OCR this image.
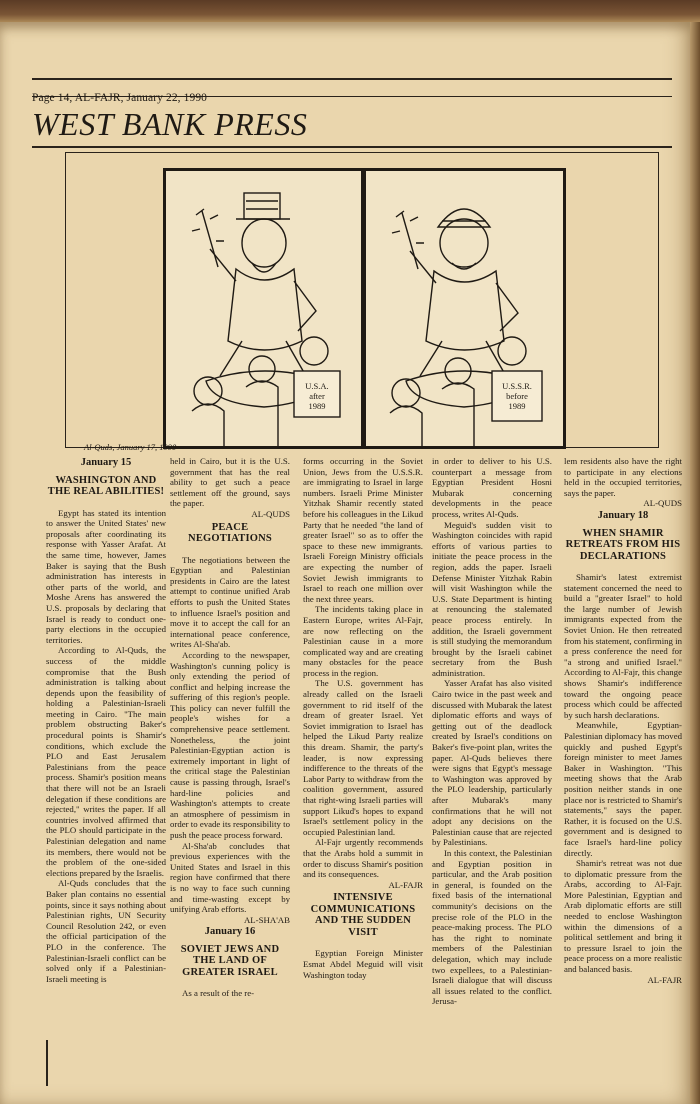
Page 14, AL-FAJR, January 22, 1990
WEST BANK PRESS
U.S.A.
after
1989
U.S.S.R.
before
1989
Al-Quds, January 17, 1990
January 15
WASHINGTON AND THE REAL ABILITIES!

Egypt has stated its intention to answer the United States' new proposals after coordinating its response with Yasser Arafat. At the same time, however, James Baker is saying that the Bush administration has interests in other parts of the world, and Moshe Arens has answered the U.S. proposals by declaring that Israel is ready to conduct one-party elections in the occupied territories.

According to Al-Quds, the success of the middle compromise that the Bush administration is talking about depends upon the feasibility of holding a Palestinian-Israeli meeting in Cairo. "The main problem obstructing Baker's procedural points is Shamir's conditions, which exclude the PLO and East Jerusalem Palestinians from the peace process. Shamir's position means that there will not be an Israeli delegation if these conditions are rejected," writes the paper. If all countries involved affirmed that the PLO should participate in the Palestinian delegation and name its members, there would not be the problem of the one-sided elections prepared by the Israelis.

Al-Quds concludes that the Baker plan contains no essential points, since it says nothing about Palestinian rights, UN Security Council Resolution 242, or even the official participation of the PLO in the conference. The Palestinian-Israeli conflict can be solved only if a Palestinian-Israeli meeting is

held in Cairo, but it is the U.S. government that has the real ability to get such a peace settlement off the ground, says the paper.

AL-QUDS

PEACE NEGOTIATIONS

The negotiations between the Egyptian and Palestinian presidents in Cairo are the latest attempt to continue unified Arab efforts to push the United States to influence Israel's position and move it to accept the call for an international peace conference, writes Al-Sha'ab.

According to the newspaper, Washington's cunning policy is only extending the period of conflict and helping increase the suffering of this region's people. This policy can never fulfill the people's wishes for a comprehensive peace settlement. Nonetheless, the joint Palestinian-Egyptian action is extremely important in light of the critical stage the Palestinian cause is passing through, Israel's hard-line policies and Washington's attempts to create an atmosphere of pessimism in order to evade its responsibility to push the peace process forward.

Al-Sha'ab concludes that previous experiences with the United States and Israel in this region have confirmed that there is no way to face such cunning and time-wasting except by unifying Arab efforts.

AL-SHA'AB

January 16
SOVIET JEWS AND THE LAND OF GREATER ISRAEL

As a result of the re-

forms occurring in the Soviet Union, Jews from the U.S.S.R. are immigrating to Israel in large numbers. Israeli Prime Minister Yitzhak Shamir recently stated before his colleagues in the Likud Party that he needed "the land of greater Israel" so as to offer the space to these new immigrants. Israeli Foreign Ministry officials are expecting the number of Soviet Jewish immigrants to Israel to reach one million over the next three years.

The incidents taking place in Eastern Europe, writes Al-Fajr, are now reflecting on the Palestinian cause in a more complicated way and are creating many obstacles for the peace process in the region.

The U.S. government has already called on the Israeli government to rid itself of the dream of greater Israel. Yet Soviet immigration to Israel has helped the Likud Party realize this dream. Shamir, the party's leader, is now expressing indifference to the threats of the Labor Party to withdraw from the coalition government, assured that right-wing Israeli parties will support Likud's hopes to expand Israel's settlement policy in the occupied Palestinian land.

Al-Fajr urgently recommends that the Arabs hold a summit in order to discuss Shamir's position and its consequences.

AL-FAJR

INTENSIVE COMMUNICATIONS AND THE SUDDEN VISIT

Egyptian Foreign Minister Esmat Abdel Meguid will visit Washington today

in order to deliver to his U.S. counterpart a message from Egyptian President Hosni Mubarak concerning developments in the peace process, writes Al-Quds.

Meguid's sudden visit to Washington coincides with rapid efforts of various parties to initiate the peace process in the region, adds the paper. Israeli Defense Minister Yitzhak Rabin will visit Washington while the U.S. State Department is hinting at renouncing the stalemated peace process entirely. In addition, the Israeli government is still studying the memorandum brought by the Israeli cabinet secretary from the Bush administration.

Yasser Arafat has also visited Cairo twice in the past week and discussed with Mubarak the latest diplomatic efforts and ways of getting out of the deadlock created by Israel's conditions on Baker's five-point plan, writes the paper. Al-Quds believes there were signs that Egypt's message to Washington was approved by the PLO leadership, particularly after Mubarak's many confirmations that he will not adopt any decisions on the Palestinian cause that are rejected by Palestinians.

In this context, the Palestinian and Egyptian position in particular, and the Arab position in general, is founded on the fixed basis of the international community's decisions on the precise role of the PLO in the peace-making process. The PLO has the right to nominate members of the Palestinian delegation, which may include two expellees, to a Palestinian-Israeli dialogue that will discuss all issues related to the conflict. Jerusa-

lem residents also have the right to participate in any elections held in the occupied territories, says the paper.

AL-QUDS

January 18
WHEN SHAMIR RETREATS FROM HIS DECLARATIONS

Shamir's latest extremist statement concerned the need to build a "greater Israel" to hold the large number of Jewish immigrants expected from the Soviet Union. He then retreated from his statement, confirming in a press conference the need for "a strong and unified Israel." According to Al-Fajr, this change shows Shamir's indifference toward the ongoing peace process which could be affected by such harsh declarations.

Meanwhile, Egyptian-Palestinian diplomacy has moved quickly and pushed Egypt's foreign minister to meet James Baker in Washington. "This meeting shows that the Arab position neither stands in one place nor is restricted to Shamir's statements," says the paper. Rather, it is focused on the U.S. government and is designed to face Israel's hard-line policy directly.

Shamir's retreat was not due to diplomatic pressure from the Arabs, according to Al-Fajr. More Palestinian, Egyptian and Arab diplomatic efforts are still needed to enclose Washington within the dimensions of a political settlement and bring it to pressure Israel to join the peace process on a more realistic and balanced basis.

AL-FAJR
